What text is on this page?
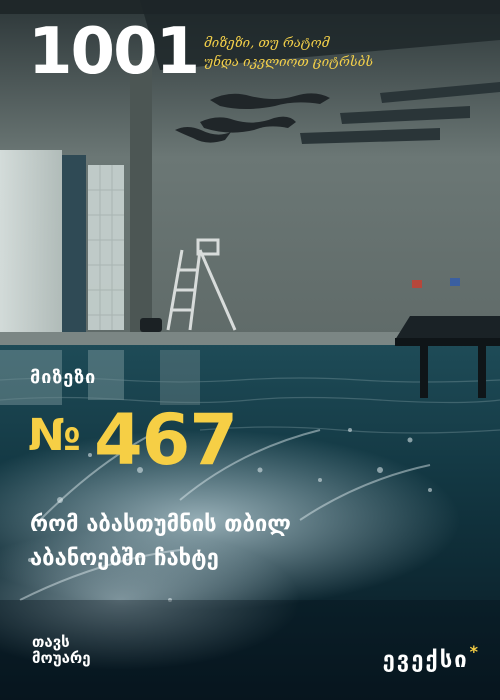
1001 მიზეზი, თუ რატომ
უნდა იკვლიოთ ციტრსბს
მიზეზი
№ 467
რომ აბასთუმნის თბილ
აბანოებში ჩახტე
თავს
მოუარე	ევექსი*
